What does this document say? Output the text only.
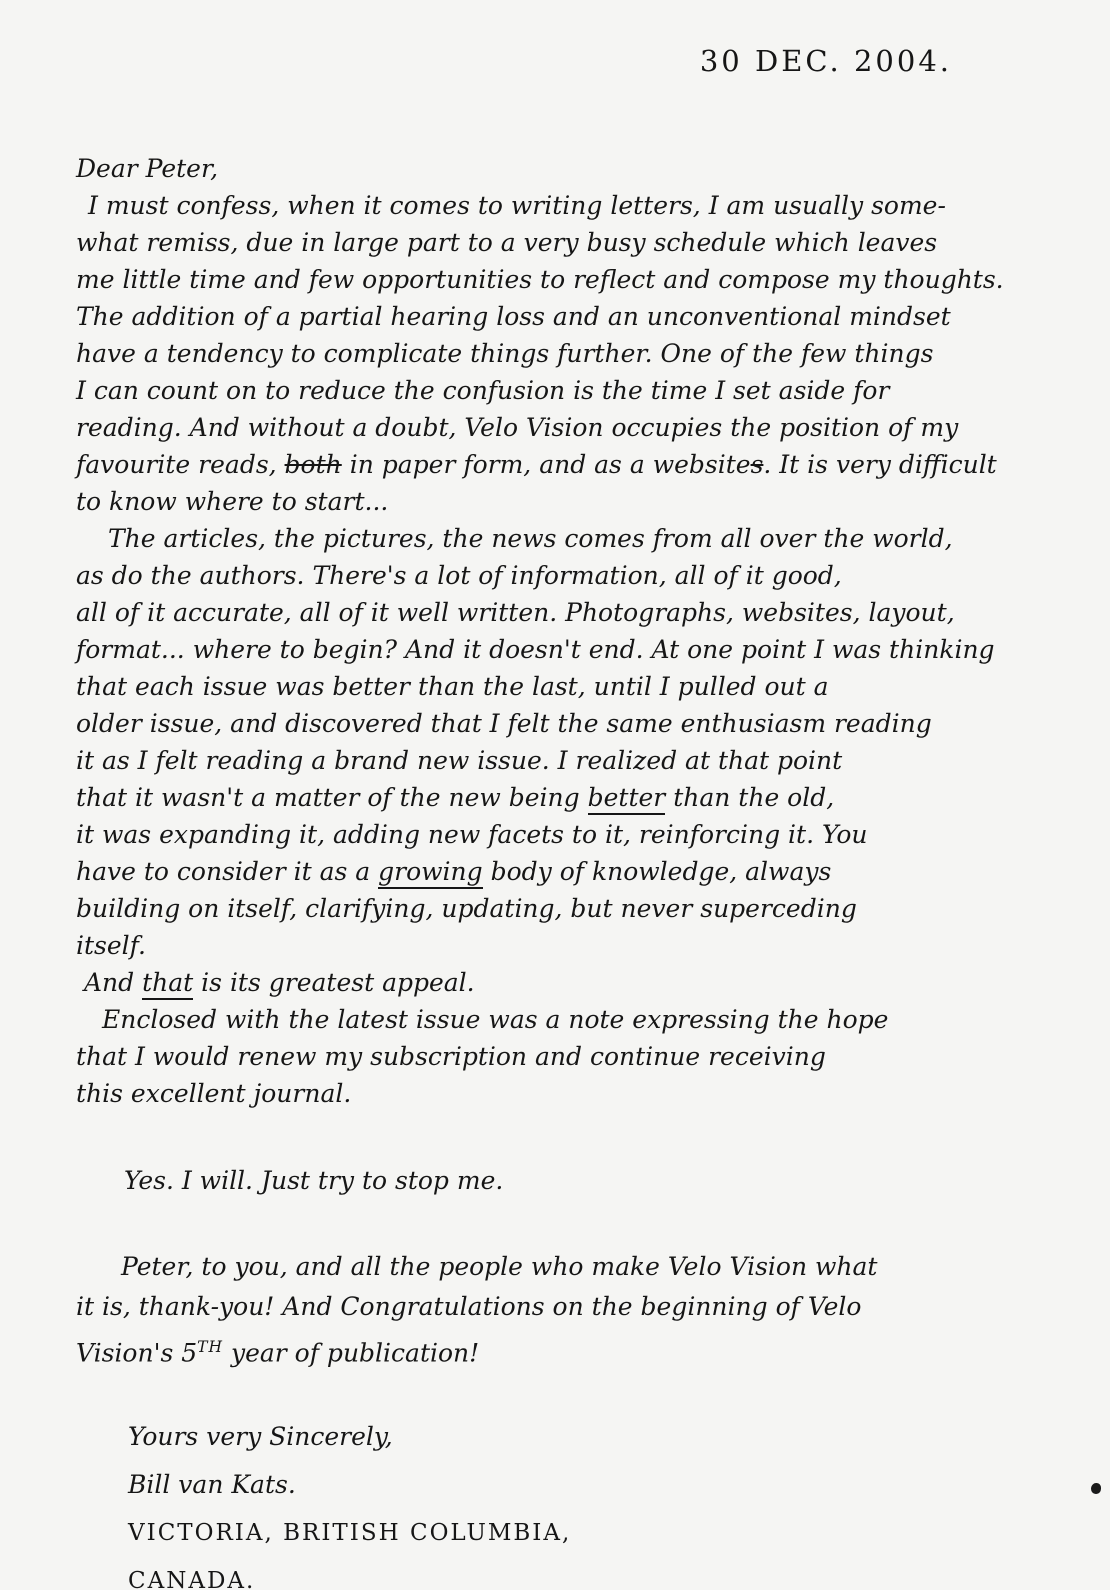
30 DEC. 2004.
Dear Peter,
I must confess, when it comes to writing letters, I am usually some-
what remiss, due in large part to a very busy schedule which leaves
me little time and few opportunities to reflect and compose my thoughts.
The addition of a partial hearing loss and an unconventional mindset
have a tendency to complicate things further. One of the few things
I can count on to reduce the confusion is the time I set aside for
reading. And without a doubt, Velo Vision occupies the position of my
favourite reads, both in paper form, and as a websites. It is very difficult
to know where to start...
The articles, the pictures, the news comes from all over the world,
as do the authors. There's a lot of information, all of it good,
all of it accurate, all of it well written. Photographs, websites, layout,
format... where to begin? And it doesn't end. At one point I was thinking
that each issue was better than the last, until I pulled out a
older issue, and discovered that I felt the same enthusiasm reading
it as I felt reading a brand new issue. I realized at that point
that it wasn't a matter of the new being better than the old,
it was expanding it, adding new facets to it, reinforcing it. You
have to consider it as a growing body of knowledge, always
building on itself, clarifying, updating, but never superceding
itself.
And that is its greatest appeal.
Enclosed with the latest issue was a note expressing the hope
that I would renew my subscription and continue receiving
this excellent journal.
Yes. I will. Just try to stop me.
Peter, to you, and all the people who make Velo Vision what
it is, thank-you! And Congratulations on the beginning of Velo
Vision's 5TH year of publication!
Yours very Sincerely,
Bill van Kats.
VICTORIA, BRITISH COLUMBIA,
CANADA.
